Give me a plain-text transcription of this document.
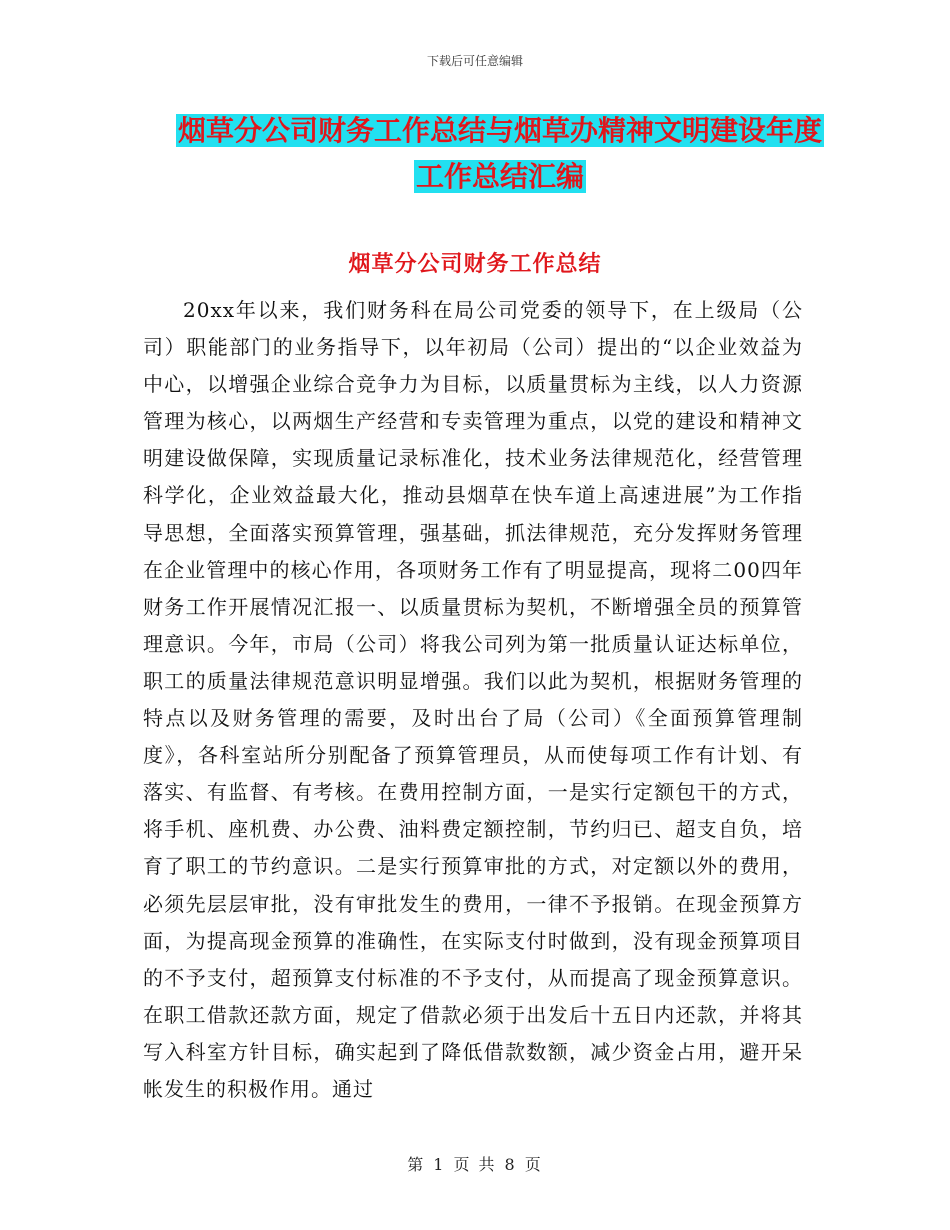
下载后可任意编辑
烟草分公司财务工作总结与烟草办精神文明建设年度
工作总结汇编
烟草分公司财务工作总结

20xx年以来，我们财务科在局公司党委的领导下，在上级局（公司）职能部门的业务指导下，以年初局（公司）提出的“以企业效益为中心，以增强企业综合竞争力为目标，以质量贯标为主线，以人力资源管理为核心，以两烟生产经营和专卖管理为重点，以党的建设和精神文明建设做保障，实现质量记录标准化，技术业务法律规范化，经营管理科学化，企业效益最大化，推动县烟草在快车道上高速进展”为工作指导思想，全面落实预算管理，强基础，抓法律规范，充分发挥财务管理在企业管理中的核心作用，各项财务工作有了明显提高，现将二00四年财务工作开展情况汇报一、以质量贯标为契机，不断增强全员的预算管理意识。今年，市局（公司）将我公司列为第一批质量认证达标单位，职工的质量法律规范意识明显增强。我们以此为契机，根据财务管理的特点以及财务管理的需要，及时出台了局（公司）《全面预算管理制度》，各科室站所分别配备了预算管理员，从而使每项工作有计划、有落实、有监督、有考核。在费用控制方面，一是实行定额包干的方式，将手机、座机费、办公费、油料费定额控制，节约归已、超支自负，培育了职工的节约意识。二是实行预算审批的方式，对定额以外的费用，必须先层层审批，没有审批发生的费用，一律不予报销。在现金预算方面，为提高现金预算的准确性，在实际支付时做到，没有现金预算项目的不予支付，超预算支付标准的不予支付，从而提高了现金预算意识。在职工借款还款方面，规定了借款必须于出发后十五日内还款，并将其写入科室方针目标，确实起到了降低借款数额，减少资金占用，避开呆帐发生的积极作用。通过

第 1 页 共 8 页
